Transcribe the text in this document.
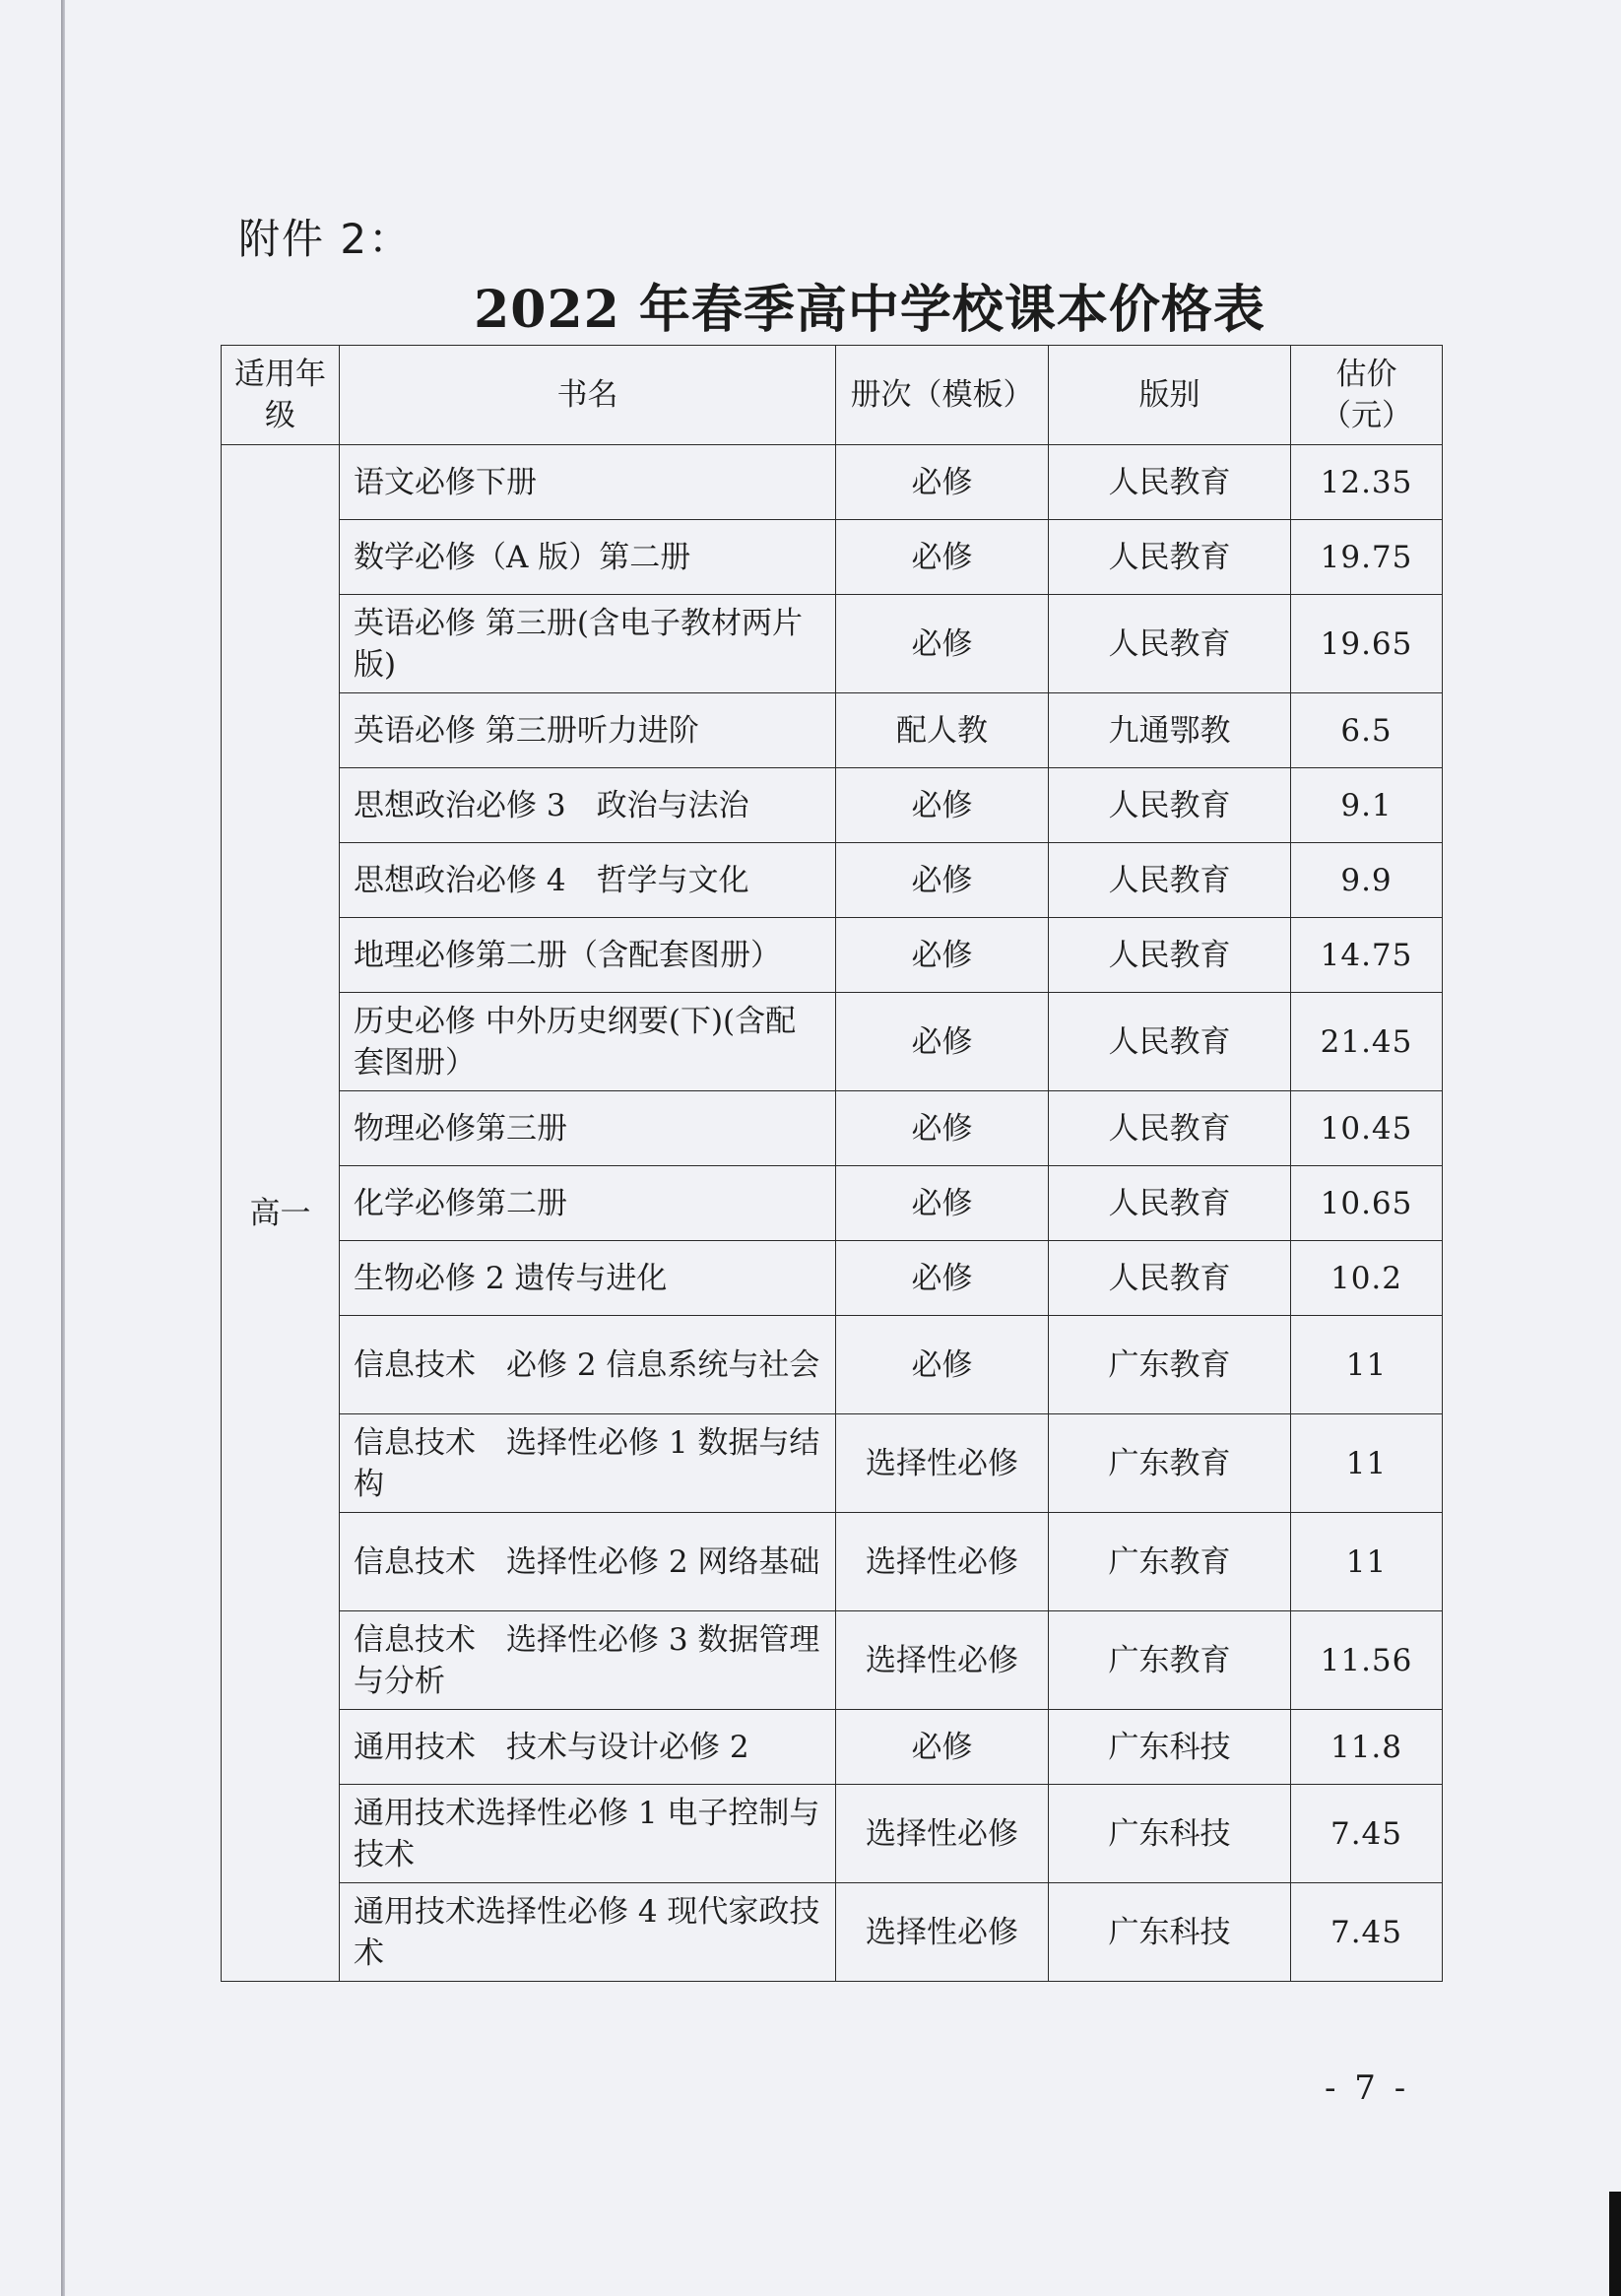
附件 2：
2022 年春季高中学校课本价格表
适用年级	书名	册次（模板）	版别	估价（元）
高一	语文必修下册	必修	人民教育	12.35
	数学必修（A 版）第二册	必修	人民教育	19.75
	英语必修 第三册(含电子教材两片版)	必修	人民教育	19.65
	英语必修 第三册听力进阶	配人教	九通鄂教	6.5
	思想政治必修 3　政治与法治	必修	人民教育	9.1
	思想政治必修 4　哲学与文化	必修	人民教育	9.9
	地理必修第二册（含配套图册）	必修	人民教育	14.75
	历史必修 中外历史纲要(下)(含配套图册）	必修	人民教育	21.45
	物理必修第三册	必修	人民教育	10.45
	化学必修第二册	必修	人民教育	10.65
	生物必修 2 遗传与进化	必修	人民教育	10.2
	信息技术　必修 2 信息系统与社会	必修	广东教育	11
	信息技术　选择性必修 1 数据与结构	选择性必修	广东教育	11
	信息技术　选择性必修 2 网络基础	选择性必修	广东教育	11
	信息技术　选择性必修 3 数据管理与分析	选择性必修	广东教育	11.56
	通用技术　技术与设计必修 2	必修	广东科技	11.8
	通用技术选择性必修 1 电子控制与技术	选择性必修	广东科技	7.45
	通用技术选择性必修 4 现代家政技术	选择性必修	广东科技	7.45
- 7 -
